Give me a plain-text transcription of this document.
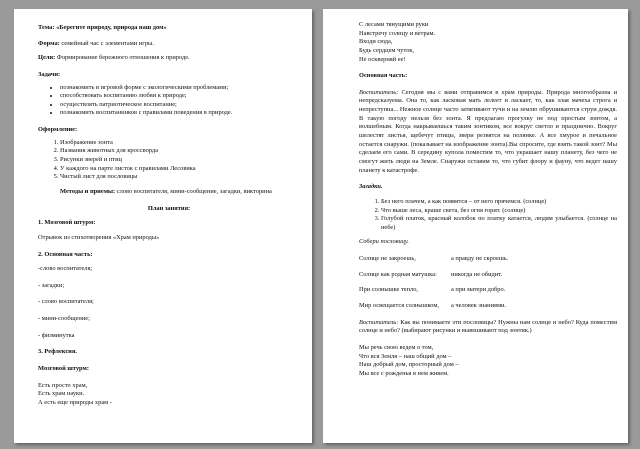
Тема: «Берегите природу, природа наш дом»

Форма: семейный час с элементами игры.

Цели: Формирование бережного отношения к природе.

Задачи:

• познакомить в игровой форме с экологическими проблемами;
• способствовать воспитанию любви к природе;
• осуществлять патриотическое воспитание;
• познакомить воспитанников с правилами поведения в природе.

Оформление:

1. Изображение зонта
2. Названия животных для кроссворда
3. Рисунки зверей и птиц
4. У каждого на парте листок с правилами Лесовика
5. Чистый лист для пословицы

Методы и приемы: слово воспитателя, мини-сообщение, загадки, викторина

План занятия:

1. Мозговой штурм:

Отрывок из стихотворения «Храм природы»

2. Основная часть:

-слово воспитателя;

- загадки;

- слово воспитателя;

- мини-сообщение;

- физминутка

3. Рефлексия.

Мозговой штурм:

Есть просто храм,

Есть храм науки.

А есть еще природы храм -

С лесами тянущими руки

Навстречу солнцу и ветрам.

Входи сюда,

Будь сердцем чуток,

Не оскверняй ее!

Основная часть:

Воспитатель: Сегодня мы с вами отправимся в храм природы. Природа многообразна и непредсказуема. Она то, как ласковая мать лелеет и ласкает, то, как злая мачеха строга и непреступна... Нежное солнце часто затягивают тучи и на землю обрушиваются струи дождя. В такую погоду нельзя без зонта. Я предлагаю прогулку не под простым зонтом, а волшебным. Когда накрываешься таким зонтиком, все вокруг светло и празднично. Вокруг шелестят листья, щебечут птицы, звери резвятся на полянке. А все хмурое и печальное остается снаружи. (показывает на изображение зонта).Вы спросите, где взять такой зонт? Мы сделаем его сами. В середину купола поместим то, что украшает нашу планету, без чего не смогут жить люди на Земле. Снаружи оставим то, что губит флору и фауну, что ведет нашу планету к катастрофе.

Загадки.

1. Без него плачем, а как появится – от него прячемся. (солнце)
2. Что выше леса, краше света, без огня горит. (солнце)
3. Голубой платок, красный колобок по платку катается, людям улыбается. (солнце на небе)

Собери пословицу.

Солнце не закроешь,	а правду не скроешь.
Солнце как родная матушка:	никогда не обидит.
При солнышке тепло,	а при матери добро.
Мир освещается солнышком,	а человек знаниями.

Воспитатель: Как вы понимаете эти пословицы? Нужны нам солнце и небо? Куда поместим солнце и небо? (выбирают рисунки и вывешивают под зонтик.)

Мы речь свою ведем о том,

Что вся Земля – наш общий дом –

Наш добрый дом, просторный дом –

Мы все с рожденья в нем живем.
